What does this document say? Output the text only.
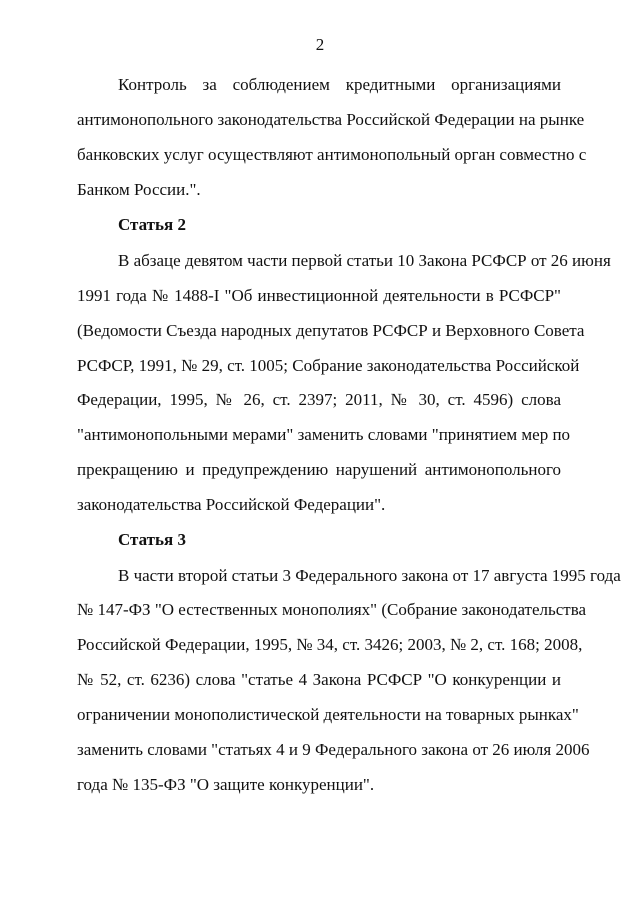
2
Контроль за соблюдением кредитными организациями
антимонопольного законодательства Российской Федерации на рынке
банковских услуг осуществляют антимонопольный орган совместно с
Банком России.".
Статья 2
В абзаце девятом части первой статьи 10 Закона РСФСР от 26 июня
1991 года № 1488-I "Об инвестиционной деятельности в РСФСР"
(Ведомости Съезда народных депутатов РСФСР и Верховного Совета
РСФСР, 1991, № 29, ст. 1005; Собрание законодательства Российской
Федерации, 1995, № 26, ст. 2397; 2011, № 30, ст. 4596) слова
"антимонопольными мерами" заменить словами "принятием мер по
прекращению и предупреждению нарушений антимонопольного
законодательства Российской Федерации".
Статья 3
В части второй статьи 3 Федерального закона от 17 августа 1995 года
№ 147-ФЗ "О естественных монополиях" (Собрание законодательства
Российской Федерации, 1995, № 34, ст. 3426; 2003, № 2, ст. 168; 2008,
№ 52, ст. 6236) слова "статье 4 Закона РСФСР "О конкуренции и
ограничении монополистической деятельности на товарных рынках"
заменить словами "статьях 4 и 9 Федерального закона от 26 июля 2006
года № 135-ФЗ "О защите конкуренции".
